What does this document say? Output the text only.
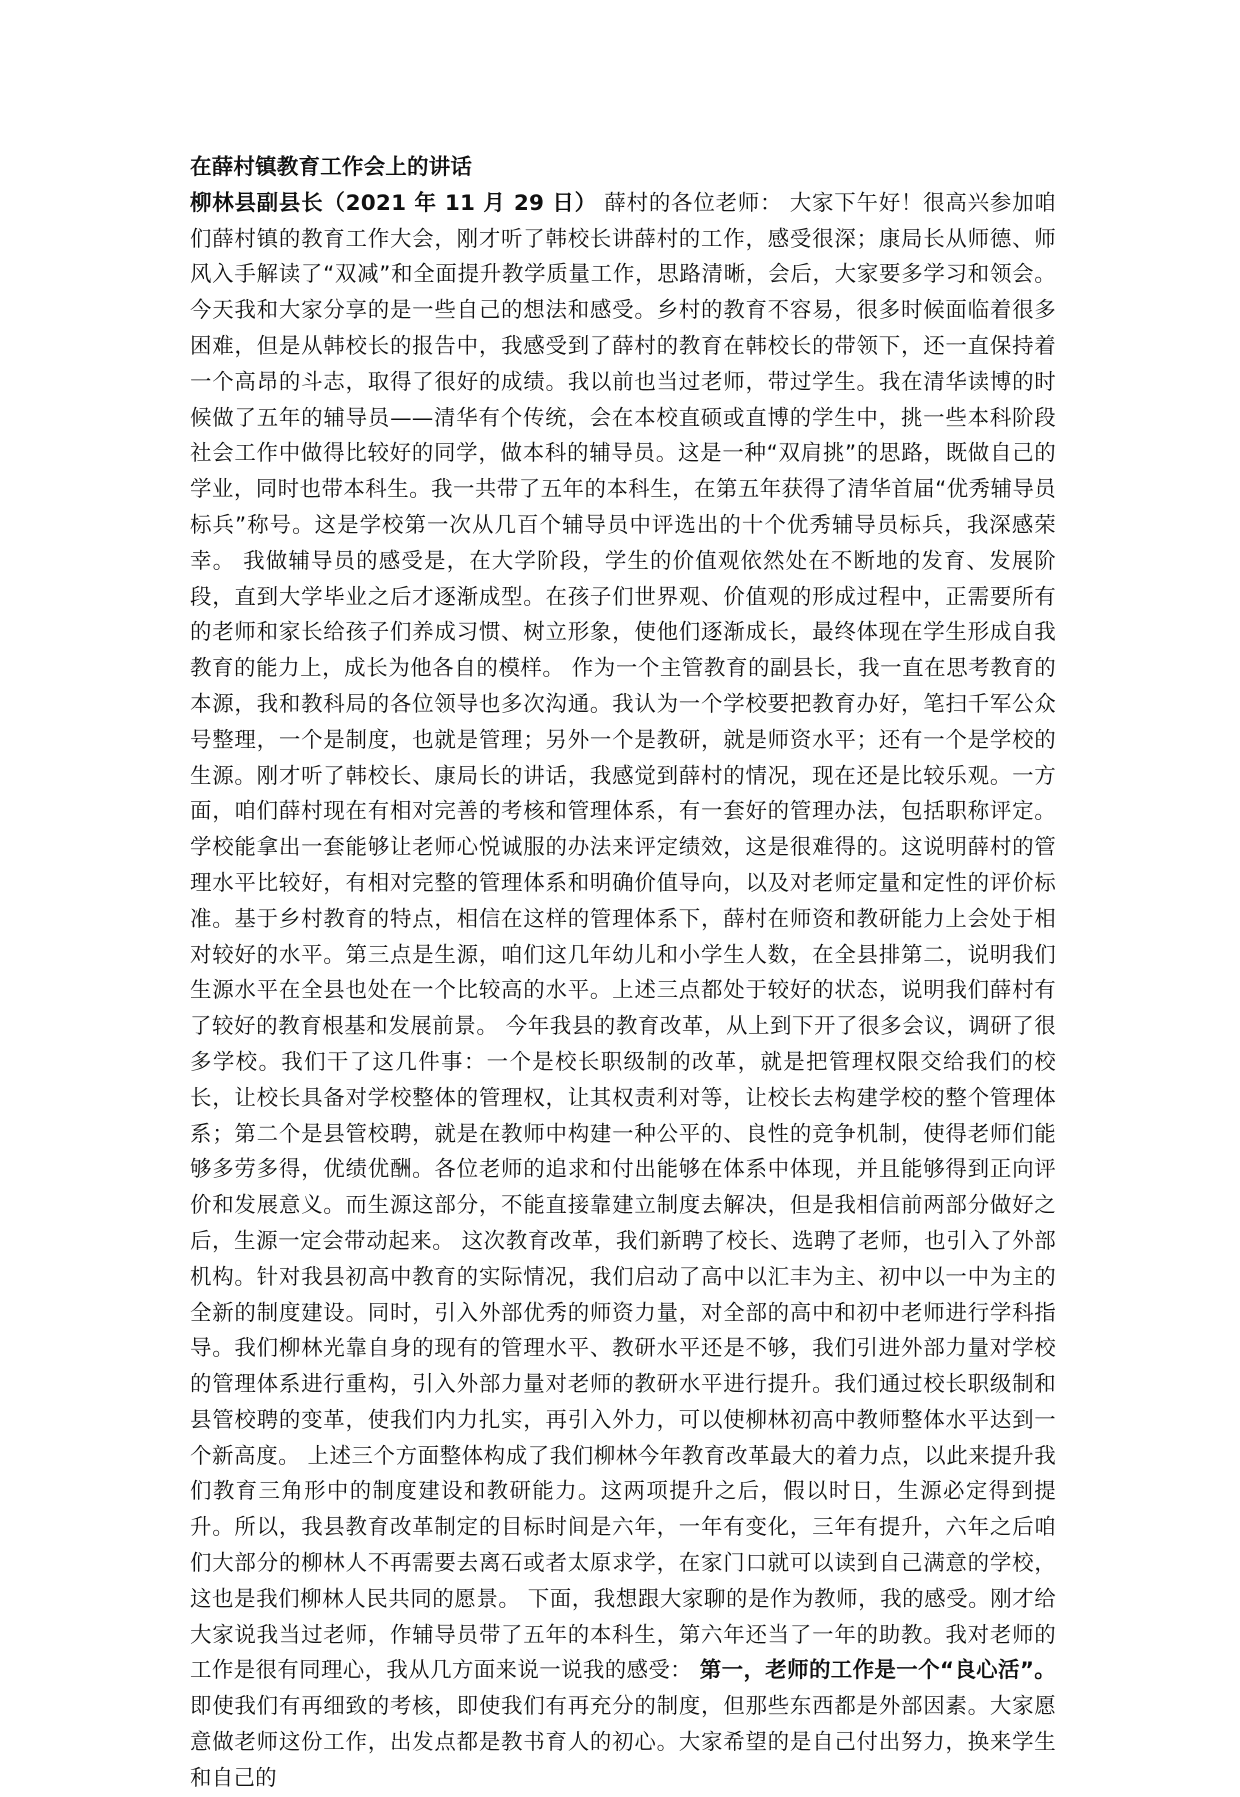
在薛村镇教育工作会上的讲话

柳林县副县长（2021 年 11 月 29 日） 薛村的各位老师： 大家下午好！很高兴参加咱们薛村镇的教育工作大会，刚才听了韩校长讲薛村的工作，感受很深；康局长从师德、师风入手解读了“双减”和全面提升教学质量工作，思路清晰，会后，大家要多学习和领会。 今天我和大家分享的是一些自己的想法和感受。乡村的教育不容易，很多时候面临着很多困难，但是从韩校长的报告中，我感受到了薛村的教育在韩校长的带领下，还一直保持着一个高昂的斗志，取得了很好的成绩。我以前也当过老师，带过学生。我在清华读博的时候做了五年的辅导员——清华有个传统，会在本校直硕或直博的学生中，挑一些本科阶段社会工作中做得比较好的同学，做本科的辅导员。这是一种“双肩挑”的思路，既做自己的学业，同时也带本科生。我一共带了五年的本科生，在第五年获得了清华首届“优秀辅导员标兵”称号。这是学校第一次从几百个辅导员中评选出的十个优秀辅导员标兵，我深感荣幸。 我做辅导员的感受是，在大学阶段，学生的价值观依然处在不断地的发育、发展阶段，直到大学毕业之后才逐渐成型。在孩子们世界观、价值观的形成过程中，正需要所有的老师和家长给孩子们养成习惯、树立形象，使他们逐渐成长，最终体现在学生形成自我教育的能力上，成长为他各自的模样。 作为一个主管教育的副县长，我一直在思考教育的本源，我和教科局的各位领导也多次沟通。我认为一个学校要把教育办好，笔扫千军公众号整理，一个是制度，也就是管理；另外一个是教研，就是师资水平；还有一个是学校的生源。刚才听了韩校长、康局长的讲话，我感觉到薛村的情况，现在还是比较乐观。一方面，咱们薛村现在有相对完善的考核和管理体系，有一套好的管理办法，包括职称评定。学校能拿出一套能够让老师心悦诚服的办法来评定绩效，这是很难得的。这说明薛村的管理水平比较好，有相对完整的管理体系和明确价值导向，以及对老师定量和定性的评价标准。基于乡村教育的特点，相信在这样的管理体系下，薛村在师资和教研能力上会处于相对较好的水平。第三点是生源，咱们这几年幼儿和小学生人数，在全县排第二，说明我们生源水平在全县也处在一个比较高的水平。上述三点都处于较好的状态，说明我们薛村有了较好的教育根基和发展前景。 今年我县的教育改革，从上到下开了很多会议，调研了很多学校。我们干了这几件事：一个是校长职级制的改革，就是把管理权限交给我们的校长，让校长具备对学校整体的管理权，让其权责利对等，让校长去构建学校的整个管理体系；第二个是县管校聘，就是在教师中构建一种公平的、良性的竞争机制，使得老师们能够多劳多得，优绩优酬。各位老师的追求和付出能够在体系中体现，并且能够得到正向评价和发展意义。而生源这部分，不能直接靠建立制度去解决，但是我相信前两部分做好之后，生源一定会带动起来。 这次教育改革，我们新聘了校长、选聘了老师，也引入了外部机构。针对我县初高中教育的实际情况，我们启动了高中以汇丰为主、初中以一中为主的全新的制度建设。同时，引入外部优秀的师资力量，对全部的高中和初中老师进行学科指导。我们柳林光靠自身的现有的管理水平、教研水平还是不够，我们引进外部力量对学校的管理体系进行重构，引入外部力量对老师的教研水平进行提升。我们通过校长职级制和县管校聘的变革，使我们内力扎实，再引入外力，可以使柳林初高中教师整体水平达到一个新高度。 上述三个方面整体构成了我们柳林今年教育改革最大的着力点，以此来提升我们教育三角形中的制度建设和教研能力。这两项提升之后，假以时日，生源必定得到提升。所以，我县教育改革制定的目标时间是六年，一年有变化，三年有提升，六年之后咱们大部分的柳林人不再需要去离石或者太原求学，在家门口就可以读到自己满意的学校，这也是我们柳林人民共同的愿景。 下面，我想跟大家聊的是作为教师，我的感受。刚才给大家说我当过老师，作辅导员带了五年的本科生，第六年还当了一年的助教。我对老师的工作是很有同理心，我从几方面来说一说我的感受： 第一，老师的工作是一个“良心活”。即使我们有再细致的考核，即使我们有再充分的制度，但那些东西都是外部因素。大家愿意做老师这份工作，出发点都是教书育人的初心。大家希望的是自己付出努力，换来学生和自己的
